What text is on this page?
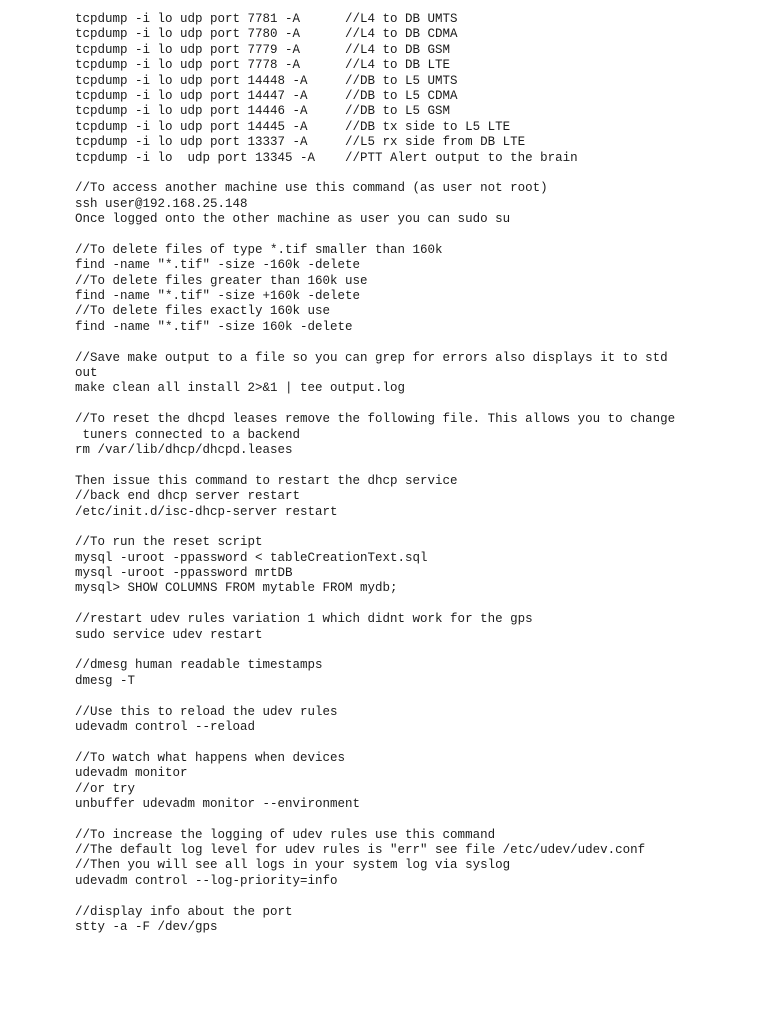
tcpdump -i lo udp port 7781 -A      //L4 to DB UMTS
tcpdump -i lo udp port 7780 -A      //L4 to DB CDMA
tcpdump -i lo udp port 7779 -A      //L4 to DB GSM
tcpdump -i lo udp port 7778 -A      //L4 to DB LTE
tcpdump -i lo udp port 14448 -A     //DB to L5 UMTS
tcpdump -i lo udp port 14447 -A     //DB to L5 CDMA
tcpdump -i lo udp port 14446 -A     //DB to L5 GSM
tcpdump -i lo udp port 14445 -A     //DB tx side to L5 LTE
tcpdump -i lo udp port 13337 -A     //L5 rx side from DB LTE
tcpdump -i lo  udp port 13345 -A    //PTT Alert output to the brain
//To access another machine use this command (as user not root)
ssh user@192.168.25.148
Once logged onto the other machine as user you can sudo su
//To delete files of type *.tif smaller than 160k
find -name "*.tif" -size -160k -delete
//To delete files greater than 160k use
find -name "*.tif" -size +160k -delete
//To delete files exactly 160k use
find -name "*.tif" -size 160k -delete
//Save make output to a file so you can grep for errors also displays it to std
out
make clean all install 2>&1 | tee output.log
//To reset the dhcpd leases remove the following file. This allows you to change
tuners connected to a backend
rm /var/lib/dhcp/dhcpd.leases
Then issue this command to restart the dhcp service
//back end dhcp server restart
/etc/init.d/isc-dhcp-server restart
//To run the reset script
mysql -uroot -ppassword < tableCreationText.sql
mysql -uroot -ppassword mrtDB
mysql> SHOW COLUMNS FROM mytable FROM mydb;
//restart udev rules variation 1 which didnt work for the gps
sudo service udev restart
//dmesg human readable timestamps
dmesg -T
//Use this to reload the udev rules
udevadm control --reload
//To watch what happens when devices
udevadm monitor
//or try
unbuffer udevadm monitor --environment
//To increase the logging of udev rules use this command
//The default log level for udev rules is "err" see file /etc/udev/udev.conf
//Then you will see all logs in your system log via syslog
udevadm control --log-priority=info
//display info about the port
stty -a -F /dev/gps
